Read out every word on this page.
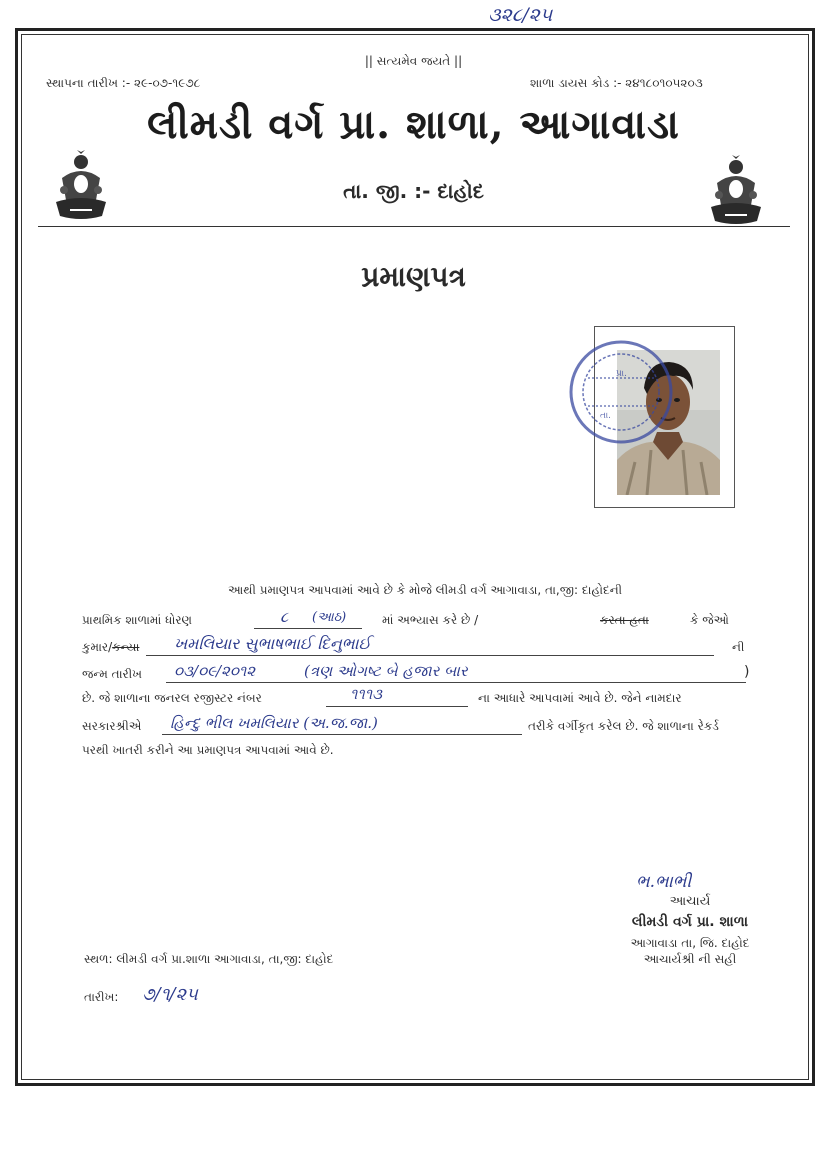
૩૨૮/૨૫
|| સત્યમેવ જયતે ||
સ્થાપના તારીખ :- ૨૯-૦૭-૧૯૭૮	શાળા ડાયસ કોડ :- ૨૪૧૮૦૧૦૫૨૦૩
લીમડી વર્ગ પ્રા. શાળા, આગાવાડા
તા. જી. :- દાહોદ
પ્રમાણપત્ર
પ્રા.
તા.
આથી પ્રમાણપત્ર આપવામાં આવે છે કે મોજે લીમડી વર્ગ આગાવાડા, તા,જી: દાહોદની
પ્રાથમિક શાળામાં ધોરણ	૮ (આઠ)	માં અભ્યાસ કરે છે /	કરતા હતા	કે જેઓ
કુમાર/કન્યા ખમલિયાર સુભાષભાઈ દિનુભાઈ	ની
જન્મ તારીખ ૦૩/૦૯/૨૦૧૨	(ત્રણ ઓગષ્ટ બે હજાર બાર	)
છે. જે શાળાના જનરલ રજીસ્ટર નંબર	૧૧૧૩	ના આધારે આપવામાં આવે છે. જેને નામદાર
સરકારશ્રીએ હિન્દુ ભીલ ખમલિયાર (અ.જ.જા.)	તરીકે વર્ગીકૃત કરેલ છે. જે શાળાના રેકર્ડ
પરથી ખાતરી કરીને આ પ્રમાણપત્ર આપવામાં આવે છે.
ભ.ભાભી
આચાર્ય
લીમડી વર્ગ પ્રા. શાળા
આગાવાડા તા, જિ. દાહોદ
આચાર્યશ્રી ની સહી
સ્થળ: લીમડી વર્ગ પ્રા.શાળા આગાવાડા, તા,જી: દાહોદ
તારીખ: ૭/૧/૨૫
